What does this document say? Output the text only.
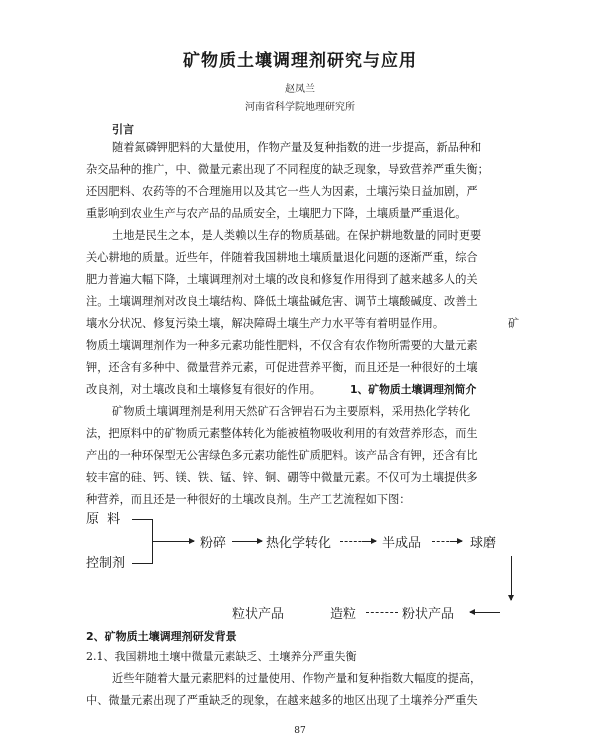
矿物质土壤调理剂研究与应用
赵凤兰
河南省科学院地理研究所
引言
随着氮磷钾肥料的大量使用，作物产量及复种指数的进一步提高，新品种和
杂交品种的推广，中、微量元素出现了不同程度的缺乏现象，导致营养严重失衡；
还因肥料、农药等的不合理施用以及其它一些人为因素，土壤污染日益加剧，严
重影响到农业生产与农产品的品质安全，土壤肥力下降，土壤质量严重退化。
土地是民生之本，是人类赖以生存的物质基础。在保护耕地数量的同时更要
关心耕地的质量。近些年，伴随着我国耕地土壤质量退化问题的逐渐严重，综合
肥力普遍大幅下降，土壤调理剂对土壤的改良和修复作用得到了越来越多人的关
注。土壤调理剂对改良土壤结构、降低土壤盐碱危害、调节土壤酸碱度、改善土
壤水分状况、修复污染土壤，解决障碍土壤生产力水平等有着明显作用。	矿
物质土壤调理剂作为一种多元素功能性肥料，不仅含有农作物所需要的大量元素
钾，还含有多种中、微量营养元素，可促进营养平衡，而且还是一种很好的土壤
改良剂，对土壤改良和土壤修复有很好的作用。	1、矿物质土壤调理剂简介
矿物质土壤调理剂是利用天然矿石含钾岩石为主要原料，采用热化学转化
法，把原料中的矿物质元素整体转化为能被植物吸收利用的有效营养形态，而生
产出的一种环保型无公害绿色多元素功能性矿质肥料。该产品含有钾，还含有比
较丰富的硅、钙、镁、铁、锰、锌、铜、硼等中微量元素。不仅可为土壤提供多
种营养，而且还是一种很好的土壤改良剂。生产工艺流程如下图：
原 料
控制剂
粉碎	热化学转化	半成品	球磨
粉状产品
造粒
粒状产品
2、矿物质土壤调理剂研发背景
2.1、我国耕地土壤中微量元素缺乏、土壤养分严重失衡
近些年随着大量元素肥料的过量使用、作物产量和复种指数大幅度的提高，
中、微量元素出现了严重缺乏的现象，在越来越多的地区出现了土壤养分严重失
87
